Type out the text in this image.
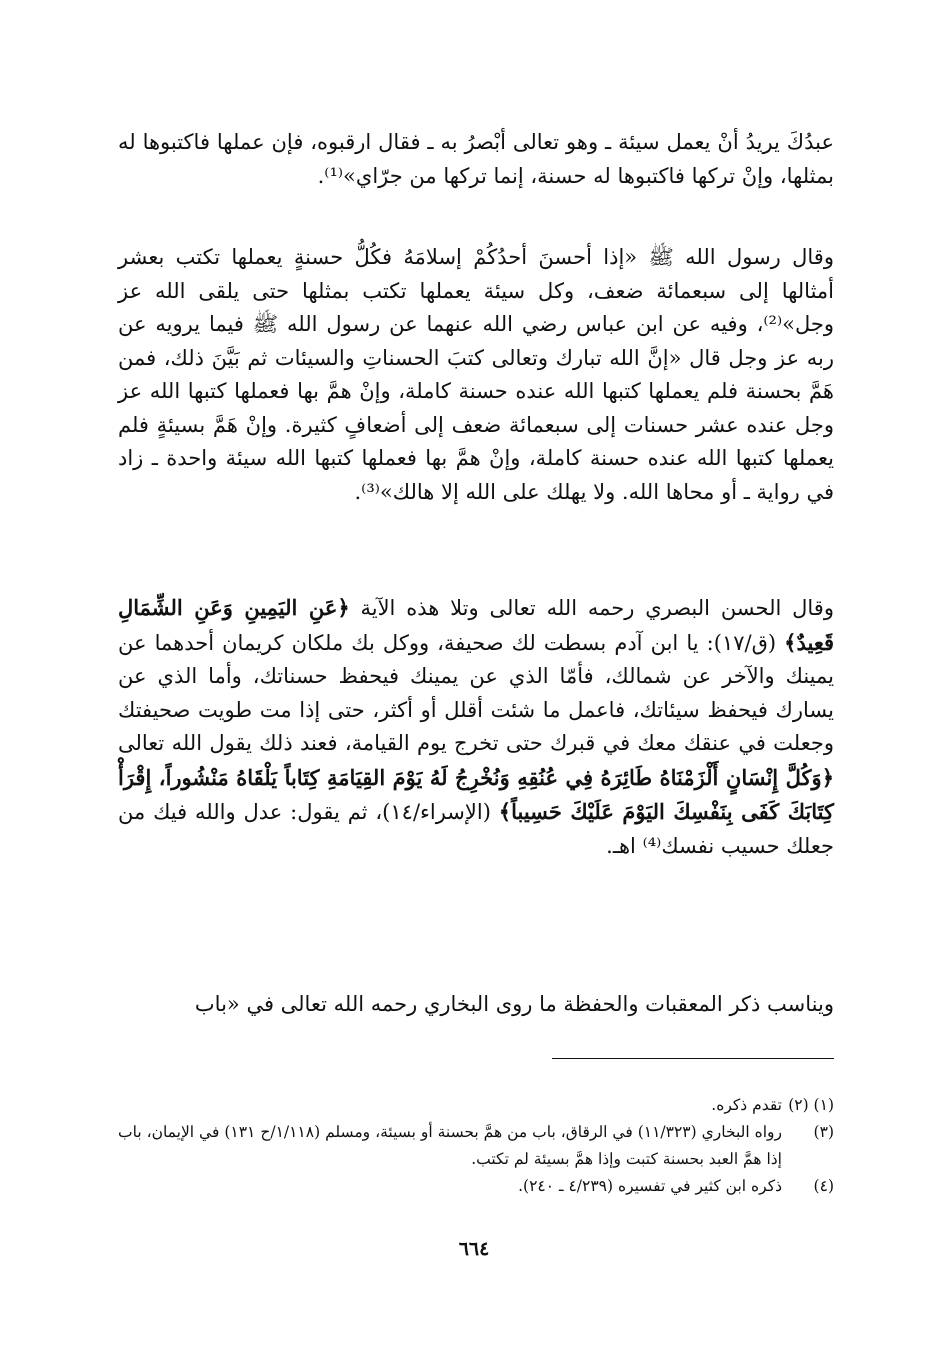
عبدُكَ يريدُ أنْ يعمل سيئة ـ وهو تعالى أبْصرُ به ـ فقال ارقبوه، فإن عملها فاكتبوها له بمثلها، وإنْ تركها فاكتبوها له حسنة، إنما تركها من جرّاي»⁽¹⁾.

وقال رسول الله ﷺ «إذا أحسنَ أحدُكُمْ إسلامَهُ فكُلُّ حسنةٍ يعملها تكتب بعشر أمثالها إلى سبعمائة ضعف، وكل سيئة يعملها تكتب بمثلها حتى يلقى الله عز وجل»⁽²⁾، وفيه عن ابن عباس رضي الله عنهما عن رسول الله ﷺ فيما يرويه عن ربه عز وجل قال «إنَّ الله تبارك وتعالى كتبَ الحسناتِ والسيئات ثم بَيَّنَ ذلك، فمن هَمَّ بحسنة فلم يعملها كتبها الله عنده حسنة كاملة، وإنْ همَّ بها فعملها كتبها الله عز وجل عنده عشر حسنات إلى سبعمائة ضعف إلى أضعافٍ كثيرة. وإنْ هَمَّ بسيئةٍ فلم يعملها كتبها الله عنده حسنة كاملة، وإنْ همَّ بها فعملها كتبها الله سيئة واحدة ـ زاد في رواية ـ أو محاها الله. ولا يهلك على الله إلا هالك»⁽³⁾.

وقال الحسن البصري رحمه الله تعالى وتلا هذه الآية ﴿عَنِ اليَمِينِ وَعَنِ الشِّمَالِ قَعِيدٌ﴾ (ق/١٧): يا ابن آدم بسطت لك صحيفة، ووكل بك ملكان كريمان أحدهما عن يمينك والآخر عن شمالك، فأمّا الذي عن يمينك فيحفظ حسناتك، وأما الذي عن يسارك فيحفظ سيئاتك، فاعمل ما شئت أقلل أو أكثر، حتى إذا مت طويت صحيفتك وجعلت في عنقك معك في قبرك حتى تخرج يوم القيامة، فعند ذلك يقول الله تعالى ﴿وَكُلَّ إِنْسَانٍ أَلْزَمْنَاهُ طَائِرَهُ فِي عُنُقِهِ وَنُخْرِجُ لَهُ يَوْمَ القِيَامَةِ كِتَاباً يَلْقَاهُ مَنْشُوراً، إِقْرَأْ كِتَابَكَ كَفَى بِنَفْسِكَ اليَوْمَ عَلَيْكَ حَسِيباً﴾ (الإسراء/١٤)، ثم يقول: عدل والله فيك من جعلك حسيب نفسك⁽⁴⁾ اهـ.

ويناسب ذكر المعقبات والحفظة ما روى البخاري رحمه الله تعالى في «باب

(١) (٢)
تقدم ذكره.
(٣)
رواه البخاري (١١/٣٢٣) في الرقاق، باب من همَّ بحسنة أو بسيئة، ومسلم (١/١١٨/ح ١٣١) في الإيمان، باب إذا همَّ العبد بحسنة كتبت وإذا همَّ بسيئة لم تكتب.
(٤)
ذكره ابن كثير في تفسيره (٤/٢٣٩ ـ ٢٤٠).
٦٦٤
